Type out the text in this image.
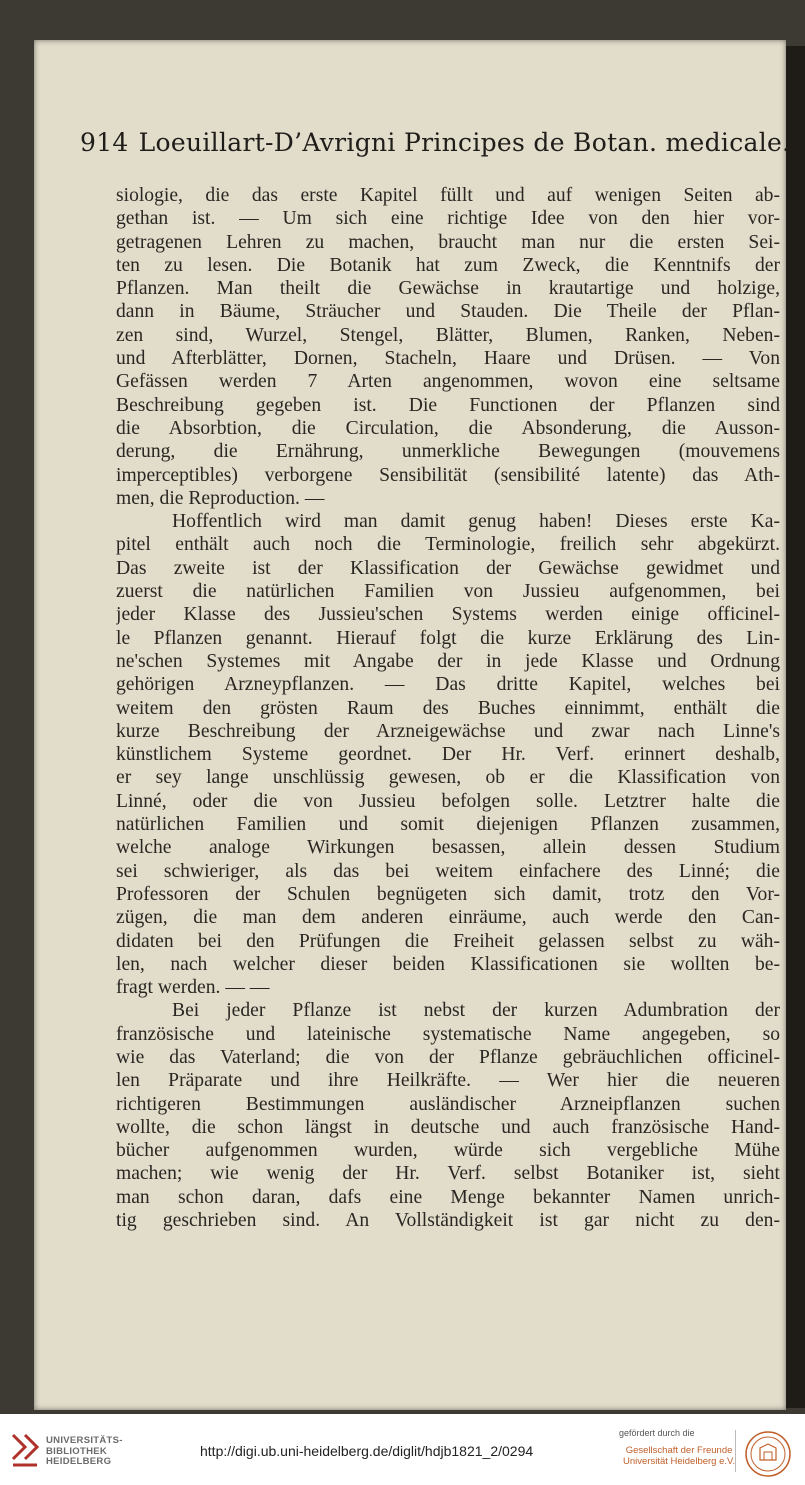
914 Loeuillart-D’Avrigni Principes de Botan. medicale.
siologie, die das erste Kapitel füllt und auf wenigen Seiten ab-
gethan ist. — Um sich eine richtige Idee von den hier vor-
getragenen Lehren zu machen, braucht man nur die ersten Sei-
ten zu lesen. Die Botanik hat zum Zweck, die Kenntnifs der
Pflanzen. Man theilt die Gewächse in krautartige und holzige,
dann in Bäume, Sträucher und Stauden. Die Theile der Pflan-
zen sind, Wurzel, Stengel, Blätter, Blumen, Ranken, Neben-
und Afterblätter, Dornen, Stacheln, Haare und Drüsen. — Von
Gefässen werden 7 Arten angenommen, wovon eine seltsame
Beschreibung gegeben ist. Die Functionen der Pflanzen sind
die Absorbtion, die Circulation, die Absonderung, die Ausson-
derung, die Ernährung, unmerkliche Bewegungen (mouvemens
imperceptibles) verborgene Sensibilität (sensibilité latente) das Ath-
men, die Reproduction. —
Hoffentlich wird man damit genug haben! Dieses erste Ka-
pitel enthält auch noch die Terminologie, freilich sehr abgekürzt.
Das zweite ist der Klassification der Gewächse gewidmet und
zuerst die natürlichen Familien von Jussieu aufgenommen, bei
jeder Klasse des Jussieu'schen Systems werden einige officinel-
le Pflanzen genannt. Hierauf folgt die kurze Erklärung des Lin-
ne'schen Systemes mit Angabe der in jede Klasse und Ordnung
gehörigen Arzneypflanzen. — Das dritte Kapitel, welches bei
weitem den grösten Raum des Buches einnimmt, enthält die
kurze Beschreibung der Arzneigewächse und zwar nach Linne's
künstlichem Systeme geordnet. Der Hr. Verf. erinnert deshalb,
er sey lange unschlüssig gewesen, ob er die Klassification von
Linné, oder die von Jussieu befolgen solle. Letztrer halte die
natürlichen Familien und somit diejenigen Pflanzen zusammen,
welche analoge Wirkungen besassen, allein dessen Studium
sei schwieriger, als das bei weitem einfachere des Linné; die
Professoren der Schulen begnügeten sich damit, trotz den Vor-
zügen, die man dem anderen einräume, auch werde den Can-
didaten bei den Prüfungen die Freiheit gelassen selbst zu wäh-
len, nach welcher dieser beiden Klassificationen sie wollten be-
fragt werden. — —
Bei jeder Pflanze ist nebst der kurzen Adumbration der
französische und lateinische systematische Name angegeben, so
wie das Vaterland; die von der Pflanze gebräuchlichen officinel-
len Präparate und ihre Heilkräfte. — Wer hier die neueren
richtigeren Bestimmungen ausländischer Arzneipflanzen suchen
wollte, die schon längst in deutsche und auch französische Hand-
bücher aufgenommen wurden, würde sich vergebliche Mühe
machen; wie wenig der Hr. Verf. selbst Botaniker ist, sieht
man schon daran, dafs eine Menge bekannter Namen unrich-
tig geschrieben sind. An Vollständigkeit ist gar nicht zu den-
UNIVERSITÄTS-
BIBLIOTHEK
HEIDELBERG
http://digi.ub.uni-heidelberg.de/diglit/hdjb1821_2/0294
gefördert durch die
Gesellschaft der Freunde
Universität Heidelberg e.V.
